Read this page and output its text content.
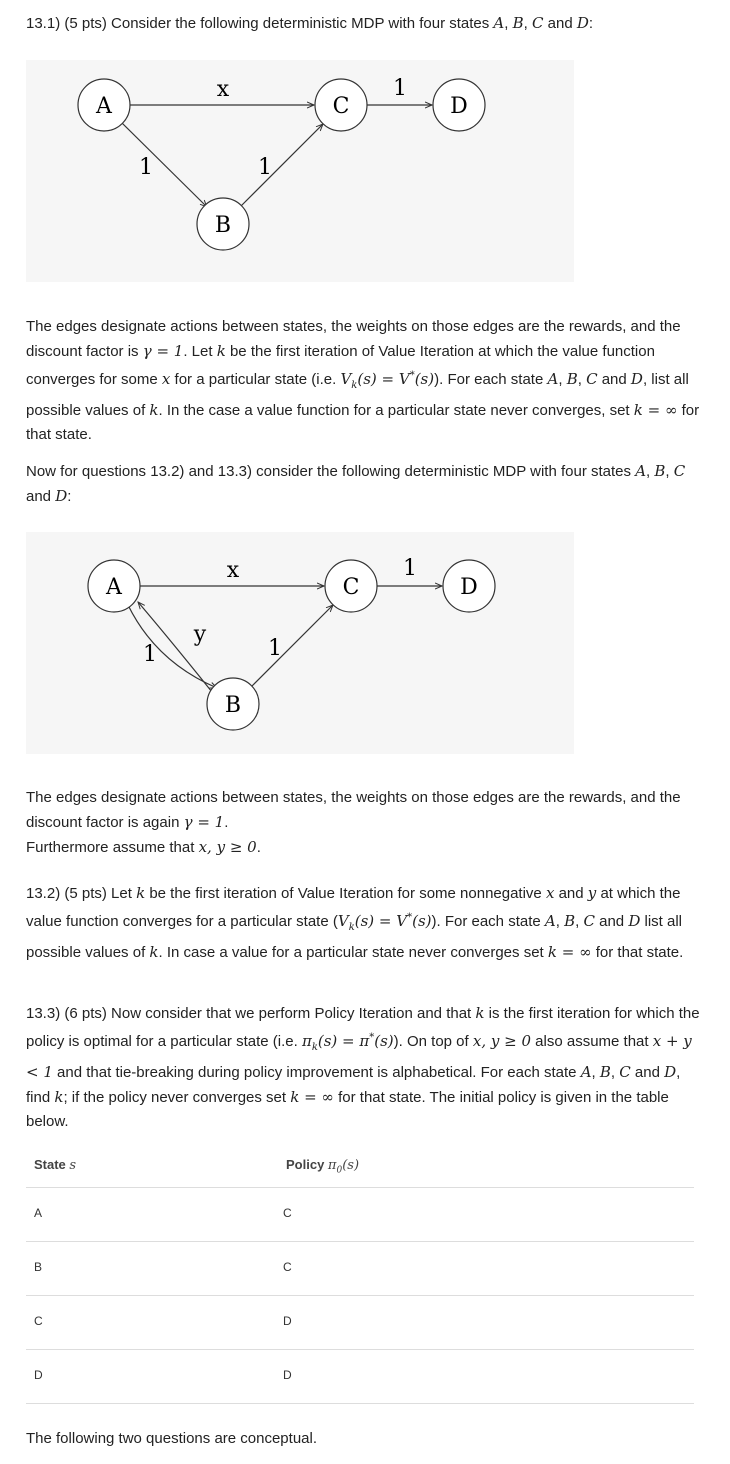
13.1) (5 pts) Consider the following deterministic MDP with four states A, B, C and D:

A	C	D
B
x	1
1	1

The edges designate actions between states, the weights on those edges are the rewards, and the discount factor is γ = 1. Let k be the first iteration of Value Iteration at which the value function converges for some x for a particular state (i.e. $V_k(s) = V^*(s)$). For each state A, B, C and D, list all possible values of k. In the case a value function for a particular state never converges, set k = ∞ for that state.

Now for questions 13.2) and 13.3) consider the following deterministic MDP with four states A, B, C and D:

A	C	D
B
x	1
1
y
1

The edges designate actions between states, the weights on those edges are the rewards, and the discount factor is again γ = 1.
Furthermore assume that x, y ≥ 0.

13.2) (5 pts) Let k be the first iteration of Value Iteration for some nonnegative x and y at which the value function converges for a particular state $(V_k(s) = V^*(s))$. For each state A, B, C and D list all possible values of k. In case a value for a particular state never converges set k = ∞ for that state.

13.3) (6 pts) Now consider that we perform Policy Iteration and that k is the first iteration for which the policy is optimal for a particular state (i.e. $\pi_k(s) = \pi^*(s)$). On top of x, y ≥ 0 also assume that x + y < 1 and that tie-breaking during policy improvement is alphabetical. For each state A, B, C and D, find k; if the policy never converges set k = ∞ for that state. The initial policy is given in the table below.

State s	Policy $\pi_0(s)$
A	C
B	C
C	D
D	D

The following two questions are conceptual.
